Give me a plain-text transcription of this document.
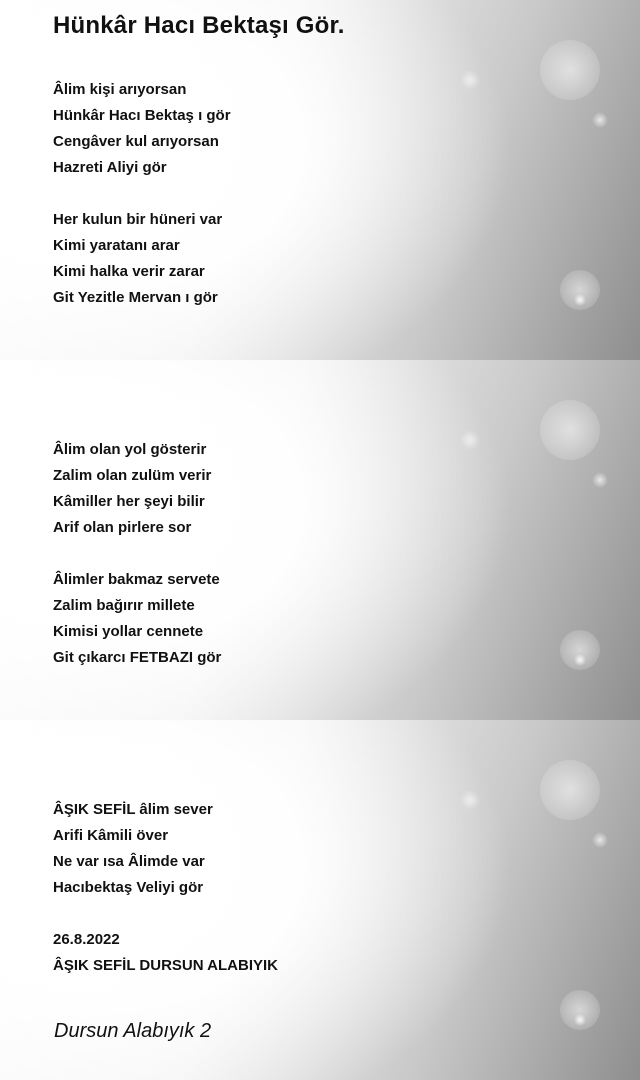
Hünkâr Hacı Bektaşı Gör.
Âlim kişi arıyorsan
Hünkâr Hacı Bektaş ı gör
Cengâver kul arıyorsan
Hazreti Aliyi gör
Her kulun bir hüneri var
Kimi yaratanı arar
Kimi halka verir zarar
Git Yezitle Mervan ı gör
Âlim olan yol gösterir
Zalim olan zulüm verir
Kâmiller her şeyi bilir
Arif olan pirlere sor
Âlimler bakmaz servete
Zalim bağırır millete
Kimisi yollar cennete
Git çıkarcı FETBAZI gör
ÂŞIK SEFİL âlim sever
Arifi Kâmili över
Ne var ısa Âlimde var
Hacıbektaş Veliyi gör
26.8.2022
ÂŞIK SEFİL DURSUN ALABIYIK
Dursun Alabıyık 2
